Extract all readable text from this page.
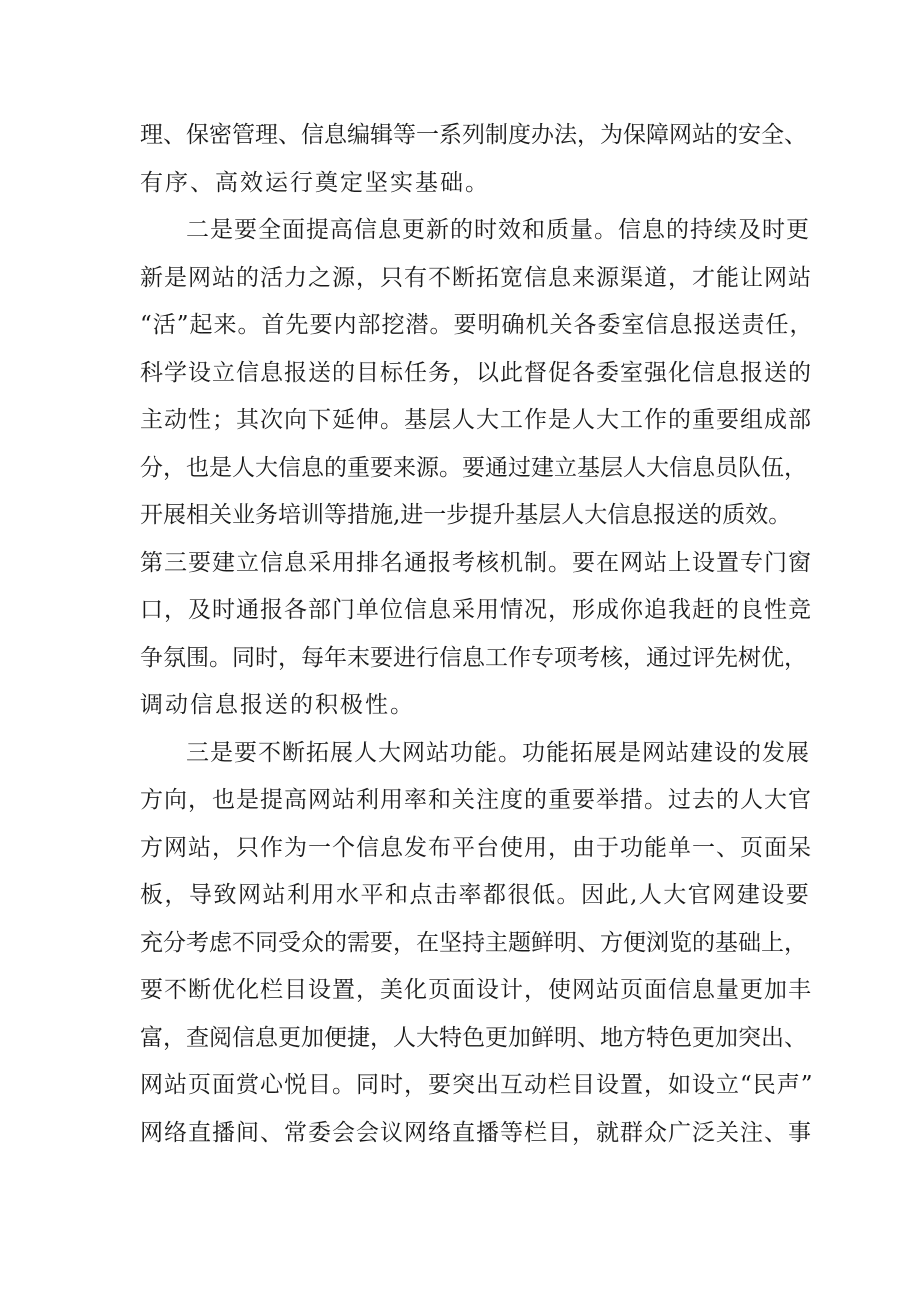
理、保密管理、信息编辑等一系列制度办法，为保障网站的安全、
有序、高效运行奠定坚实基础。
二是要全面提高信息更新的时效和质量。信息的持续及时更
新是网站的活力之源，只有不断拓宽信息来源渠道，才能让网站
“活”起来。首先要内部挖潜。要明确机关各委室信息报送责任，
科学设立信息报送的目标任务，以此督促各委室强化信息报送的
主动性；其次向下延伸。基层人大工作是人大工作的重要组成部
分，也是人大信息的重要来源。要通过建立基层人大信息员队伍，
开展相关业务培训等措施,进一步提升基层人大信息报送的质效。
第三要建立信息采用排名通报考核机制。要在网站上设置专门窗
口，及时通报各部门单位信息采用情况，形成你追我赶的良性竞
争氛围。同时，每年末要进行信息工作专项考核，通过评先树优，
调动信息报送的积极性。
三是要不断拓展人大网站功能。功能拓展是网站建设的发展
方向，也是提高网站利用率和关注度的重要举措。过去的人大官
方网站，只作为一个信息发布平台使用，由于功能单一、页面呆
板，导致网站利用水平和点击率都很低。因此,人大官网建设要
充分考虑不同受众的需要，在坚持主题鲜明、方便浏览的基础上，
要不断优化栏目设置，美化页面设计，使网站页面信息量更加丰
富，查阅信息更加便捷，人大特色更加鲜明、地方特色更加突出、
网站页面赏心悦目。同时，要突出互动栏目设置，如设立“民声”
网络直播间、常委会会议网络直播等栏目，就群众广泛关注、事
